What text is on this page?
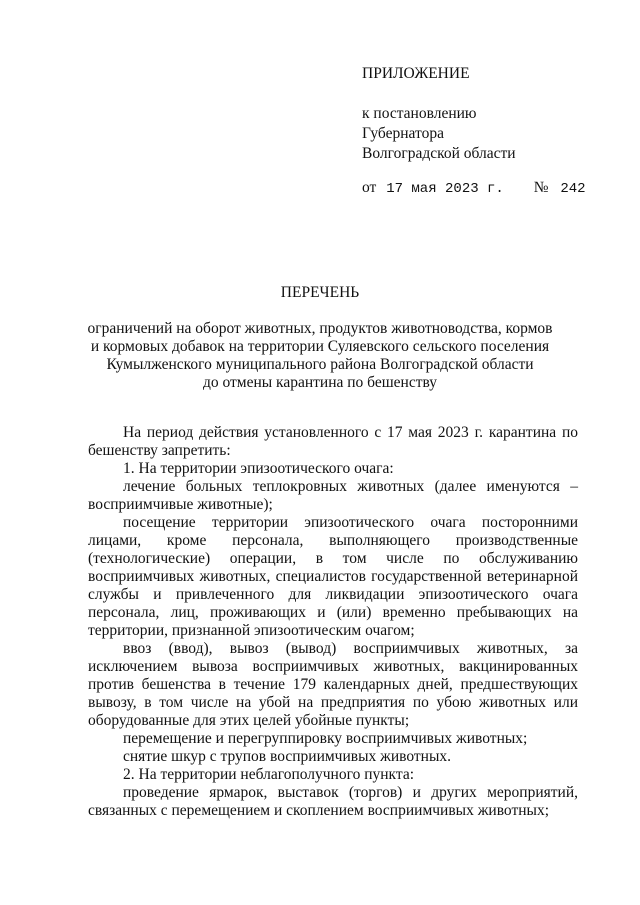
ПРИЛОЖЕНИЕ
к постановлению
Губернатора
Волгоградской области
от 17 мая 2023 г. № 242
ПЕРЕЧЕНЬ
ограничений на оборот животных, продуктов животноводства, кормов
и кормовых добавок на территории Суляевского сельского поселения
Кумылженского муниципального района Волгоградской области
до отмены карантина по бешенству

На период действия установленного с 17 мая 2023 г. карантина по бешенству запретить:

1. На территории эпизоотического очага:

лечение больных теплокровных животных (далее именуются – восприимчивые животные);

посещение территории эпизоотического очага посторонними лицами, кроме персонала, выполняющего производственные (технологические) операции, в том числе по обслуживанию восприимчивых животных, специалистов государственной ветеринарной службы и привлеченного для ликвидации эпизоотического очага персонала, лиц, проживающих и (или) временно пребывающих на территории, признанной эпизоотическим очагом;

ввоз (ввод), вывоз (вывод) восприимчивых животных, за исключением вывоза восприимчивых животных, вакцинированных против бешенства в течение 179 календарных дней, предшествующих вывозу, в том числе на убой на предприятия по убою животных или оборудованные для этих целей убойные пункты;

перемещение и перегруппировку восприимчивых животных;

снятие шкур с трупов восприимчивых животных.

2. На территории неблагополучного пункта:

проведение ярмарок, выставок (торгов) и других мероприятий, связанных с перемещением и скоплением восприимчивых животных;
